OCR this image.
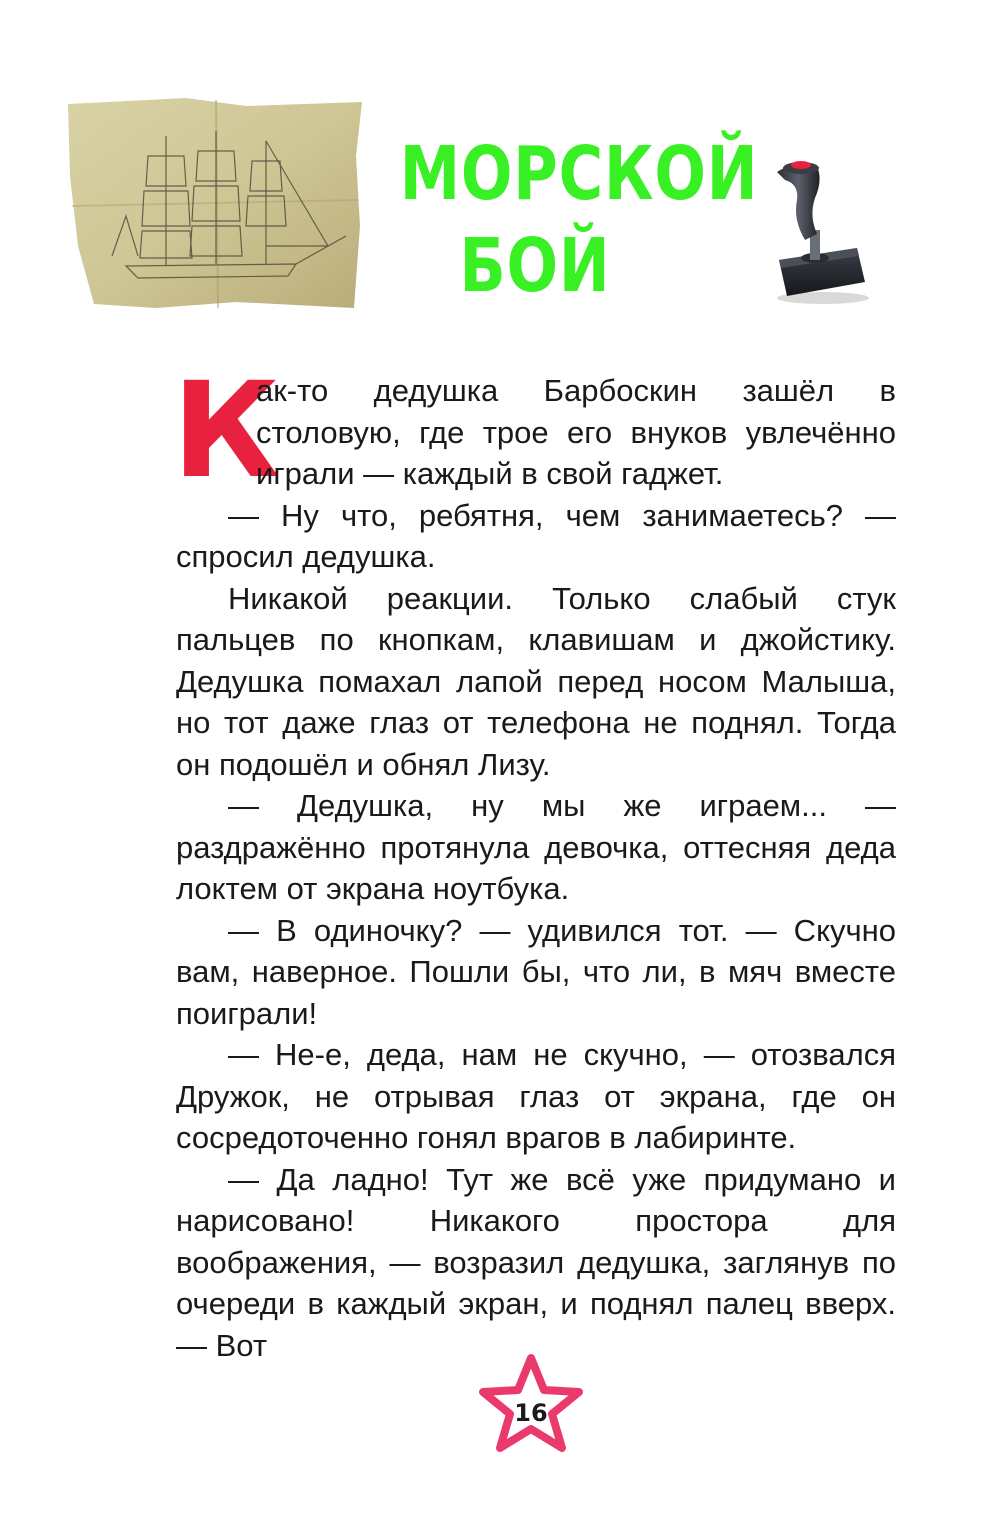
МОРСКОЙ
БОЙ
К

ак-то дедушка Барбоскин зашёл в столовую, где трое его внуков увлечённо играли — каждый в свой гаджет.

— Ну что, ребятня, чем занимаетесь? — спросил дедушка.

Никакой реакции. Только слабый стук пальцев по кнопкам, клавишам и джойстику. Дедушка помахал лапой перед носом Малыша, но тот даже глаз от телефона не поднял. Тогда он подошёл и обнял Лизу.

— Дедушка, ну мы же играем... — раздражённо протянула девочка, оттесняя деда локтем от экрана ноутбука.

— В одиночку? — удивился тот. — Скучно вам, наверное. Пошли бы, что ли, в мяч вместе поиграли!

— Не-е, деда, нам не скучно, — отозвался Дружок, не отрывая глаз от экрана, где он сосредоточенно гонял врагов в лабиринте.

— Да ладно! Тут же всё уже придумано и нарисовано! Никакого простора для воображения, — возразил дедушка, заглянув по очереди в каждый экран, и поднял палец вверх. — Вот

16
